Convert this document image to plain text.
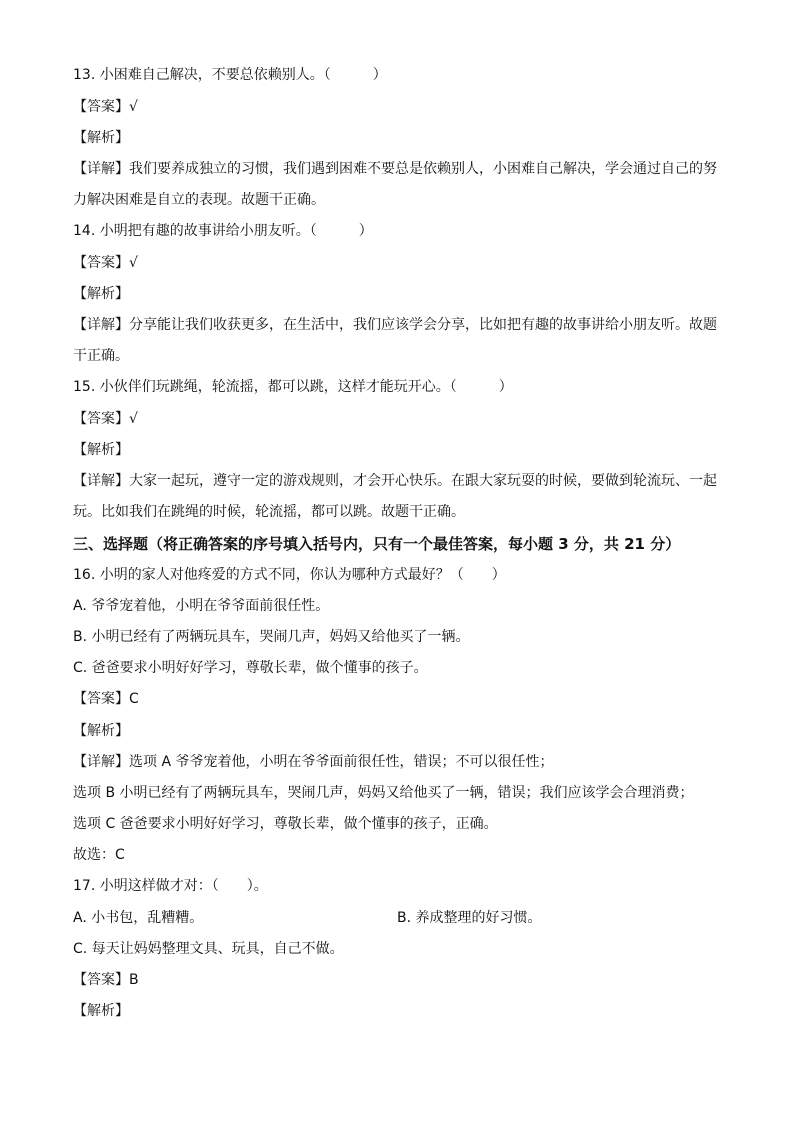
13. 小困难自己解决，不要总依赖别人。（　　　）
【答案】√
【解析】
【详解】我们要养成独立的习惯，我们遇到困难不要总是依赖别人，小困难自己解决，学会通过自己的努
力解决困难是自立的表现。故题干正确。
14. 小明把有趣的故事讲给小朋友听。（　　　）
【答案】√
【解析】
【详解】分享能让我们收获更多，在生活中，我们应该学会分享，比如把有趣的故事讲给小朋友听。故题
干正确。
15. 小伙伴们玩跳绳，轮流摇，都可以跳，这样才能玩开心。（　　　）
【答案】√
【解析】
【详解】大家一起玩，遵守一定的游戏规则，才会开心快乐。在跟大家玩耍的时候，要做到轮流玩、一起
玩。比如我们在跳绳的时候，轮流摇，都可以跳。故题干正确。
三、选择题（将正确答案的序号填入括号内，只有一个最佳答案，每小题 3 分，共 21 分）
16. 小明的家人对他疼爱的方式不同，你认为哪种方式最好？（　　）
A. 爷爷宠着他，小明在爷爷面前很任性。
B. 小明已经有了两辆玩具车，哭闹几声，妈妈又给他买了一辆。
C. 爸爸要求小明好好学习，尊敬长辈，做个懂事的孩子。
【答案】C
【解析】
【详解】选项 A 爷爷宠着他，小明在爷爷面前很任性，错误；不可以很任性；
选项 B 小明已经有了两辆玩具车，哭闹几声，妈妈又给他买了一辆，错误；我们应该学会合理消费；
选项 C 爸爸要求小明好好学习，尊敬长辈，做个懂事的孩子，正确。
故选：C
17. 小明这样做才对：（　　）。
A. 小书包，乱糟糟。	B. 养成整理的好习惯。
C. 每天让妈妈整理文具、玩具，自己不做。
【答案】B
【解析】
